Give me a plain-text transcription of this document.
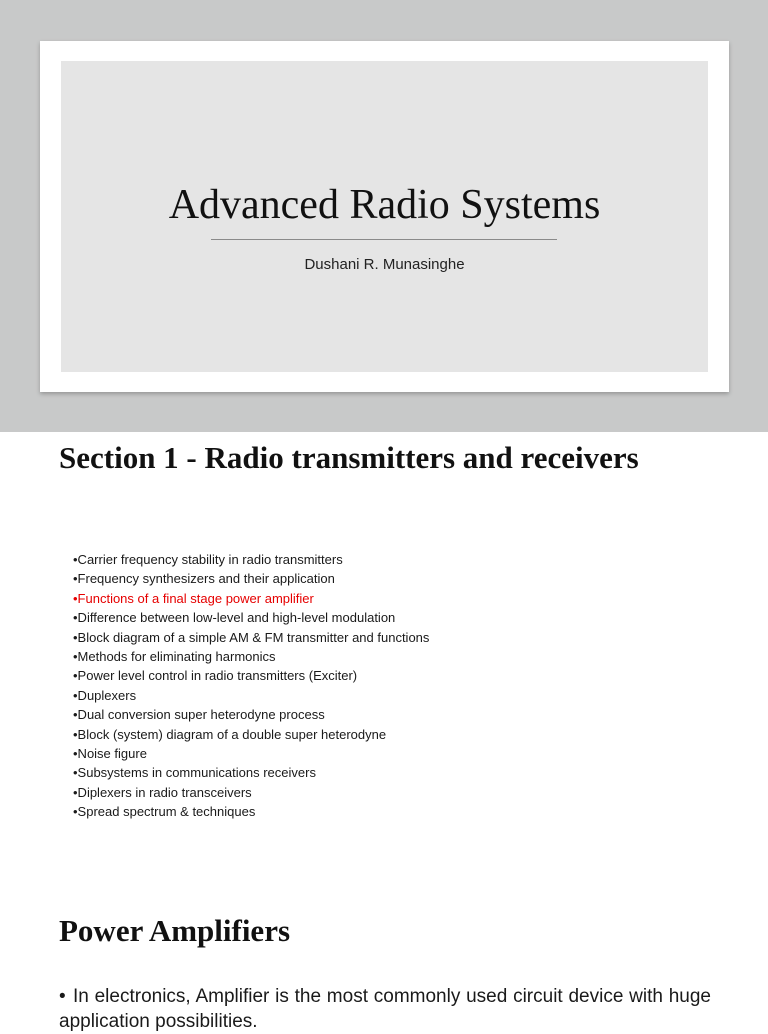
Advanced Radio Systems
Dushani R. Munasinghe
Section 1 - Radio transmitters and receivers
•Carrier frequency stability in radio transmitters
•Frequency synthesizers and their application
•Functions of a final stage power amplifier
•Difference between low-level and high-level modulation
•Block diagram of a simple AM & FM transmitter and functions
•Methods for eliminating harmonics
•Power level control in radio transmitters (Exciter)
•Duplexers
•Dual conversion super heterodyne process
•Block (system) diagram of a double super heterodyne
•Noise figure
•Subsystems in communications receivers
•Diplexers in radio transceivers
•Spread spectrum & techniques
Power Amplifiers
• In electronics, Amplifier is the most commonly used circuit device with huge application possibilities.
